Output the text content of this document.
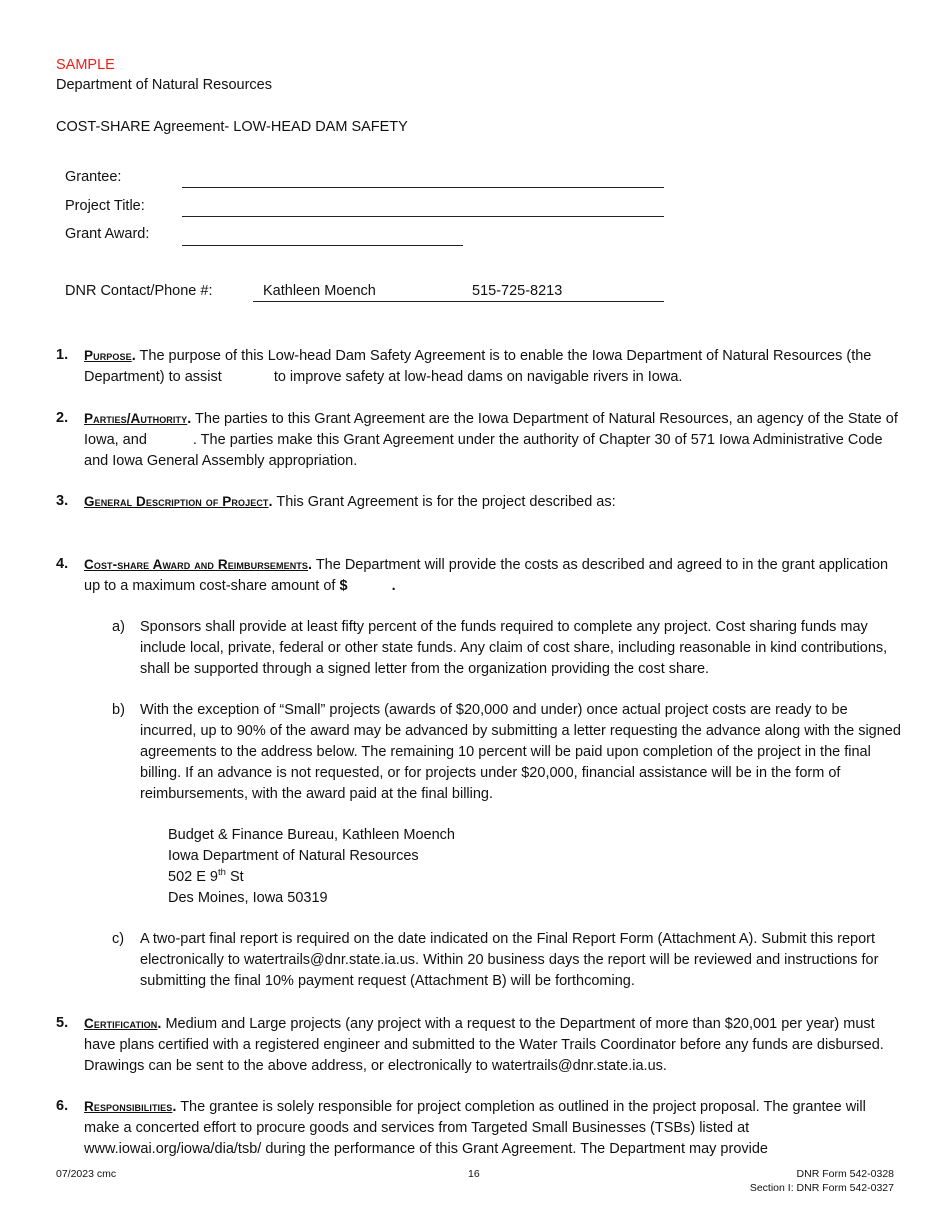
SAMPLE
Department of Natural Resources
COST-SHARE Agreement- LOW-HEAD DAM SAFETY
Grantee:
Project Title:
Grant Award:
DNR Contact/Phone #:	Kathleen Moench	515-725-8213
1. Purpose. The purpose of this Low-head Dam Safety Agreement is to enable the Iowa Department of Natural Resources (the Department) to assist	to improve safety at low-head dams on navigable rivers in Iowa.
2. Parties/Authority. The parties to this Grant Agreement are the Iowa Department of Natural Resources, an agency of the State of Iowa, and	. The parties make this Grant Agreement under the authority of Chapter 30 of 571 Iowa Administrative Code and Iowa General Assembly appropriation.
3. General Description of Project. This Grant Agreement is for the project described as:
4. Cost-share Award and Reimbursements. The Department will provide the costs as described and agreed to in the grant application up to a maximum cost-share amount of $	.
a) Sponsors shall provide at least fifty percent of the funds required to complete any project. Cost sharing funds may include local, private, federal or other state funds. Any claim of cost share, including reasonable in kind contributions, shall be supported through a signed letter from the organization providing the cost share.
b) With the exception of “Small” projects (awards of $20,000 and under) once actual project costs are ready to be incurred, up to 90% of the award may be advanced by submitting a letter requesting the advance along with the signed agreements to the address below. The remaining 10 percent will be paid upon completion of the project in the final billing. If an advance is not requested, or for projects under $20,000, financial assistance will be in the form of reimbursements, with the award paid at the final billing.
Budget & Finance Bureau, Kathleen Moench
Iowa Department of Natural Resources
502 E 9th St
Des Moines, Iowa 50319
c) A two-part final report is required on the date indicated on the Final Report Form (Attachment A). Submit this report electronically to watertrails@dnr.state.ia.us. Within 20 business days the report will be reviewed and instructions for submitting the final 10% payment request (Attachment B) will be forthcoming.
5. Certification. Medium and Large projects (any project with a request to the Department of more than $20,001 per year) must have plans certified with a registered engineer and submitted to the Water Trails Coordinator before any funds are disbursed. Drawings can be sent to the above address, or electronically to watertrails@dnr.state.ia.us.
6. Responsibilities. The grantee is solely responsible for project completion as outlined in the project proposal. The grantee will make a concerted effort to procure goods and services from Targeted Small Businesses (TSBs) listed at www.iowai.org/iowa/dia/tsb/ during the performance of this Grant Agreement. The Department may provide
07/2023 cmc	16	DNR Form 542-0328
Section I: DNR Form 542-0327
